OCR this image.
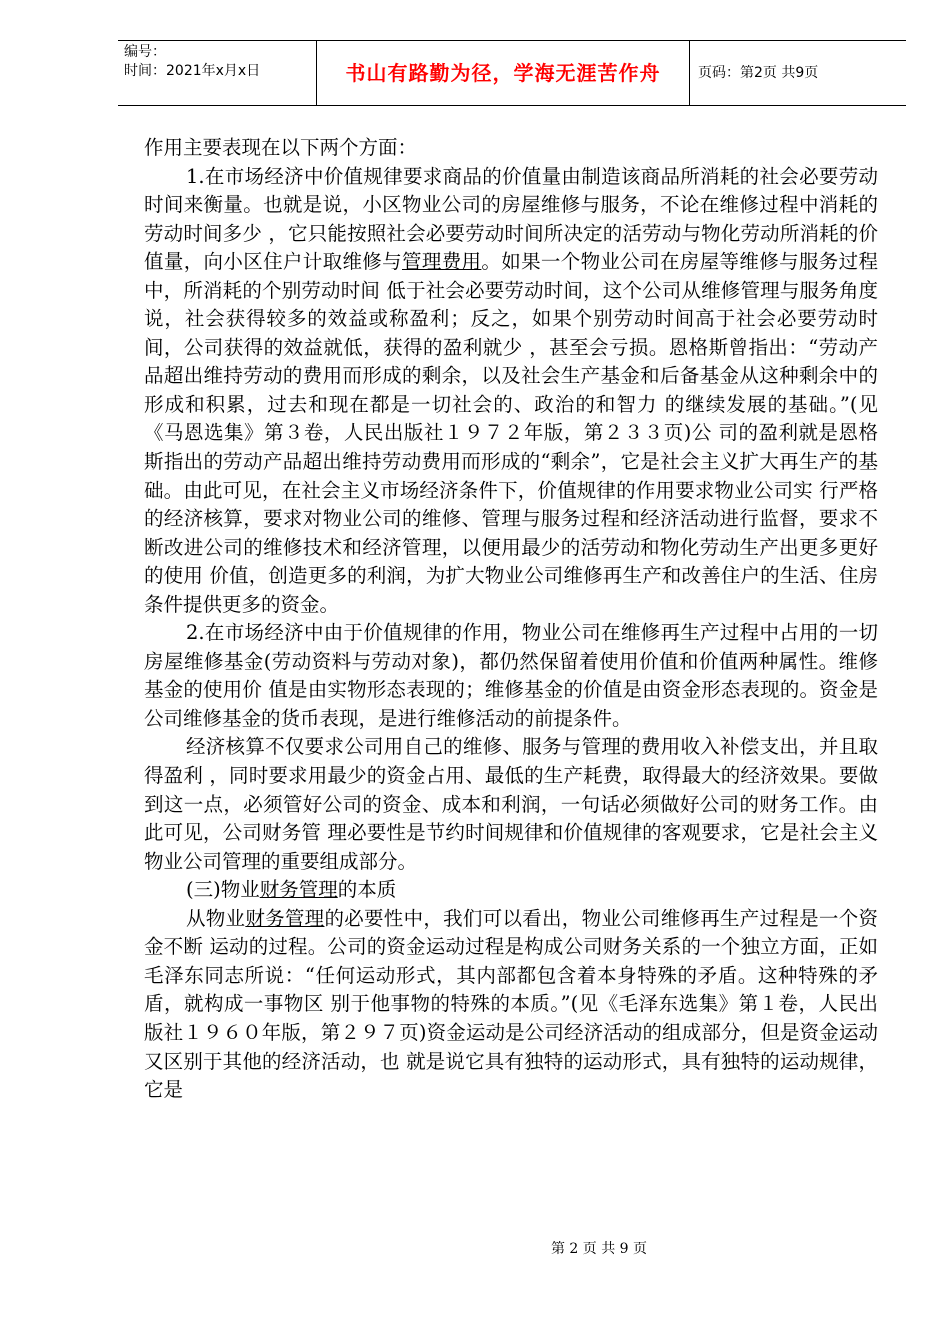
编号：
时间：2021年x月x日	书山有路勤为径，学海无涯苦作舟	页码：第2页 共9页

作用主要表现在以下两个方面：

1.在市场经济中价值规律要求商品的价值量由制造该商品所消耗的社会必要劳动时间来衡量。也就是说，小区物业公司的房屋维修与服务，不论在维修过程中消耗的劳动时间多少 ，它只能按照社会必要劳动时间所决定的活劳动与物化劳动所消耗的价值量，向小区住户计取维修与管理费用。如果一个物业公司在房屋等维修与服务过程中，所消耗的个别劳动时间 低于社会必要劳动时间，这个公司从维修管理与服务角度说，社会获得较多的效益或称盈利；反之，如果个别劳动时间高于社会必要劳动时间，公司获得的效益就低，获得的盈利就少 ，甚至会亏损。恩格斯曾指出：“劳动产品超出维持劳动的费用而形成的剩余，以及社会生产基金和后备基金从这种剩余中的形成和积累，过去和现在都是一切社会的、政治的和智力 的继续发展的基础。”(见《马恩选集》第３卷，人民出版社１９７２年版，第２３３页)公 司的盈利就是恩格斯指出的劳动产品超出维持劳动费用而形成的“剩余”，它是社会主义扩大再生产的基础。由此可见，在社会主义市场经济条件下，价值规律的作用要求物业公司实 行严格的经济核算，要求对物业公司的维修、管理与服务过程和经济活动进行监督，要求不断改进公司的维修技术和经济管理，以便用最少的活劳动和物化劳动生产出更多更好的使用 价值，创造更多的利润，为扩大物业公司维修再生产和改善住户的生活、住房条件提供更多的资金。

2.在市场经济中由于价值规律的作用，物业公司在维修再生产过程中占用的一切房屋维修基金(劳动资料与劳动对象)，都仍然保留着使用价值和价值两种属性。维修基金的使用价 值是由实物形态表现的；维修基金的价值是由资金形态表现的。资金是公司维修基金的货币表现，是进行维修活动的前提条件。

经济核算不仅要求公司用自己的维修、服务与管理的费用收入补偿支出，并且取得盈利 ，同时要求用最少的资金占用、最低的生产耗费，取得最大的经济效果。要做到这一点，必须管好公司的资金、成本和利润，一句话必须做好公司的财务工作。由此可见，公司财务管 理必要性是节约时间规律和价值规律的客观要求，它是社会主义物业公司管理的重要组成部分。

(三)物业财务管理的本质

从物业财务管理的必要性中，我们可以看出，物业公司维修再生产过程是一个资金不断 运动的过程。公司的资金运动过程是构成公司财务关系的一个独立方面，正如毛泽东同志所说：“任何运动形式，其内部都包含着本身特殊的矛盾。这种特殊的矛盾，就构成一事物区 别于他事物的特殊的本质。”(见《毛泽东选集》第１卷，人民出版社１９６０年版，第２９７页)资金运动是公司经济活动的组成部分，但是资金运动又区别于其他的经济活动，也 就是说它具有独特的运动形式，具有独特的运动规律，它是

第 2 页 共 9 页
